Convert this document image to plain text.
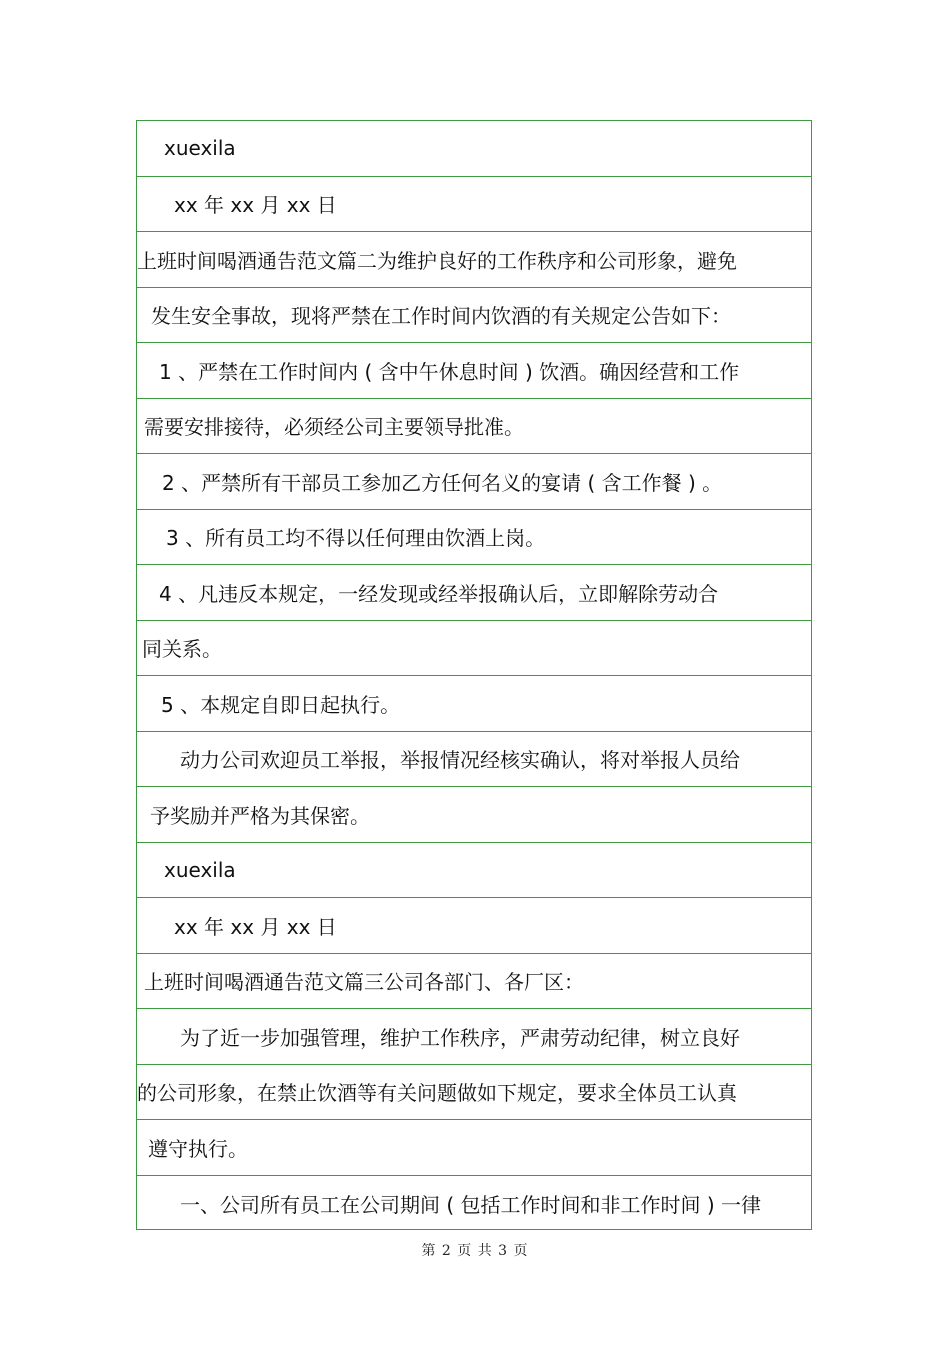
xuexila
xx 年 xx 月 xx 日
上班时间喝酒通告范文篇二为维护良好的工作秩序和公司形象，避免
发生安全事故，现将严禁在工作时间内饮酒的有关规定公告如下：
1 、严禁在工作时间内 ( 含中午休息时间 ) 饮酒。确因经营和工作
需要安排接待，必须经公司主要领导批准。
2 、严禁所有干部员工参加乙方任何名义的宴请 ( 含工作餐 ) 。
3 、所有员工均不得以任何理由饮酒上岗。
4 、凡违反本规定，一经发现或经举报确认后，立即解除劳动合
同关系。
5 、本规定自即日起执行。
动力公司欢迎员工举报，举报情况经核实确认，将对举报人员给
予奖励并严格为其保密。
xuexila
xx 年 xx 月 xx 日
上班时间喝酒通告范文篇三公司各部门、各厂区：
为了近一步加强管理，维护工作秩序，严肃劳动纪律，树立良好
的公司形象，在禁止饮酒等有关问题做如下规定，要求全体员工认真
遵守执行。
一、公司所有员工在公司期间 ( 包括工作时间和非工作时间 ) 一律
第 2 页 共 3 页
